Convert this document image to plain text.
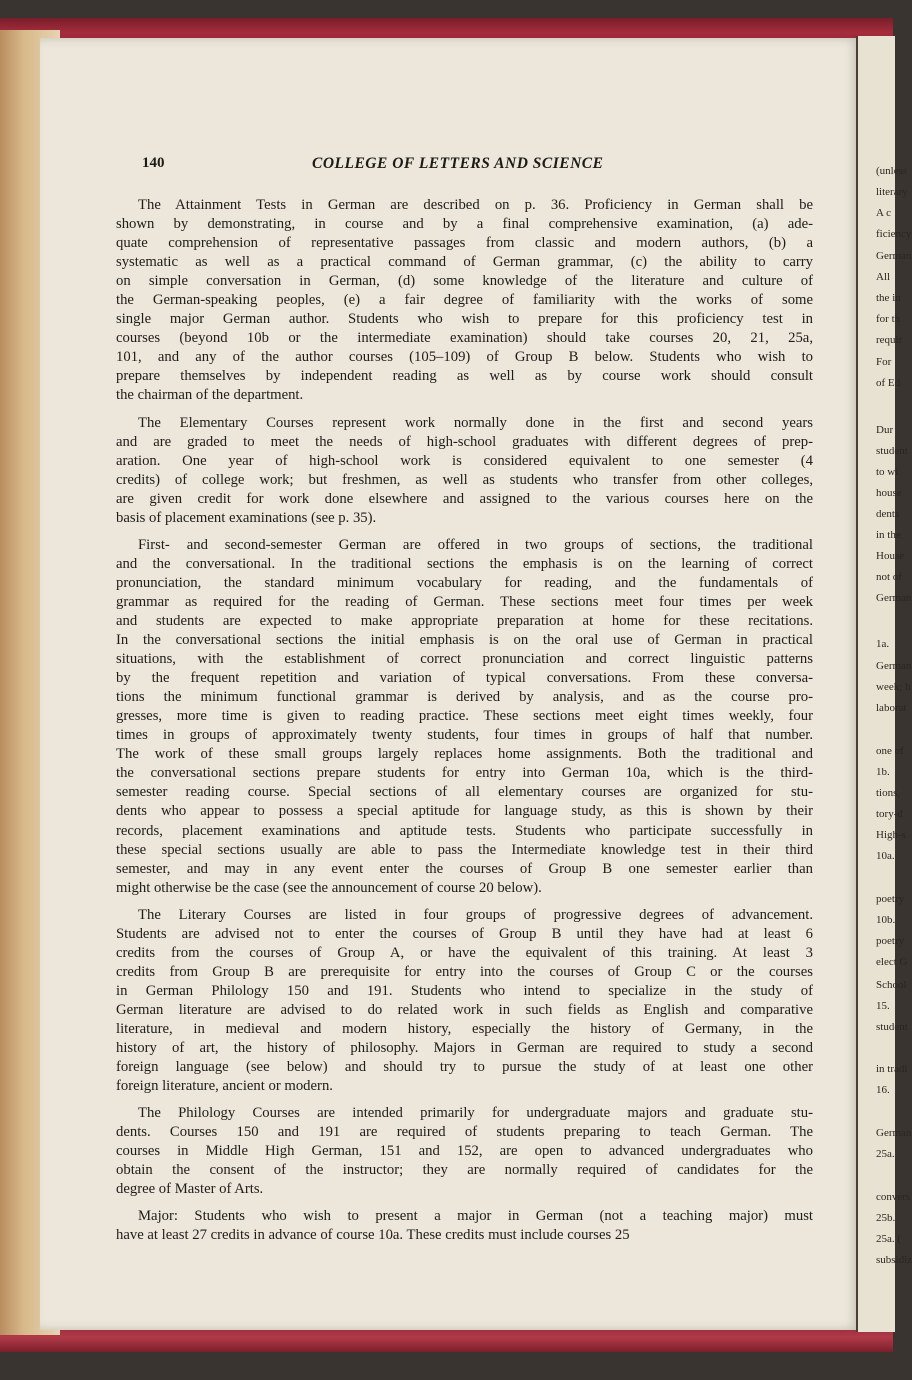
(unless
literary
A c
ficiency
German
All
the in
for th
requir
For
of Ed
Dur
student
to wi
house
dents
in the
House
not of
German
1a.
German
week; h
laborat
one of
1b.
tions,
tory-d
High-s
10a.
poetry
10b.
poetry
elect G
School
15.
student
in tradi
16.
German
25a.
convers
25b.
25a. (
subsidiz
140	COLLEGE OF LETTERS AND SCIENCE
The Attainment Tests in German are described on p. 36. Proficiency in German shall be
shown by demonstrating, in course and by a final comprehensive examination, (a) ade-
quate comprehension of representative passages from classic and modern authors, (b) a
systematic as well as a practical command of German grammar, (c) the ability to carry
on simple conversation in German, (d) some knowledge of the literature and culture of
the German-speaking peoples, (e) a fair degree of familiarity with the works of some
single major German author. Students who wish to prepare for this proficiency test in
courses (beyond 10b or the intermediate examination) should take courses 20, 21, 25a,
101, and any of the author courses (105–109) of Group B below. Students who wish to
prepare themselves by independent reading as well as by course work should consult
the chairman of the department.
The Elementary Courses represent work normally done in the first and second years
and are graded to meet the needs of high-school graduates with different degrees of prep-
aration. One year of high-school work is considered equivalent to one semester (4
credits) of college work; but freshmen, as well as students who transfer from other colleges,
are given credit for work done elsewhere and assigned to the various courses here on the
basis of placement examinations (see p. 35).
First- and second-semester German are offered in two groups of sections, the traditional
and the conversational. In the traditional sections the emphasis is on the learning of correct
pronunciation, the standard minimum vocabulary for reading, and the fundamentals of
grammar as required for the reading of German. These sections meet four times per week
and students are expected to make appropriate preparation at home for these recitations.
In the conversational sections the initial emphasis is on the oral use of German in practical
situations, with the establishment of correct pronunciation and correct linguistic patterns
by the frequent repetition and variation of typical conversations. From these conversa-
tions the minimum functional grammar is derived by analysis, and as the course pro-
gresses, more time is given to reading practice. These sections meet eight times weekly, four
times in groups of approximately twenty students, four times in groups of half that number.
The work of these small groups largely replaces home assignments. Both the traditional and
the conversational sections prepare students for entry into German 10a, which is the third-
semester reading course. Special sections of all elementary courses are organized for stu-
dents who appear to possess a special aptitude for language study, as this is shown by their
records, placement examinations and aptitude tests. Students who participate successfully in
these special sections usually are able to pass the Intermediate knowledge test in their third
semester, and may in any event enter the courses of Group B one semester earlier than
might otherwise be the case (see the announcement of course 20 below).
The Literary Courses are listed in four groups of progressive degrees of advancement.
Students are advised not to enter the courses of Group B until they have had at least 6
credits from the courses of Group A, or have the equivalent of this training. At least 3
credits from Group B are prerequisite for entry into the courses of Group C or the courses
in German Philology 150 and 191. Students who intend to specialize in the study of
German literature are advised to do related work in such fields as English and comparative
literature, in medieval and modern history, especially the history of Germany, in the
history of art, the history of philosophy. Majors in German are required to study a second
foreign language (see below) and should try to pursue the study of at least one other
foreign literature, ancient or modern.
The Philology Courses are intended primarily for undergraduate majors and graduate stu-
dents. Courses 150 and 191 are required of students preparing to teach German. The
courses in Middle High German, 151 and 152, are open to advanced undergraduates who
obtain the consent of the instructor; they are normally required of candidates for the
degree of Master of Arts.
Major: Students who wish to present a major in German (not a teaching major) must
have at least 27 credits in advance of course 10a. These credits must include courses 25
